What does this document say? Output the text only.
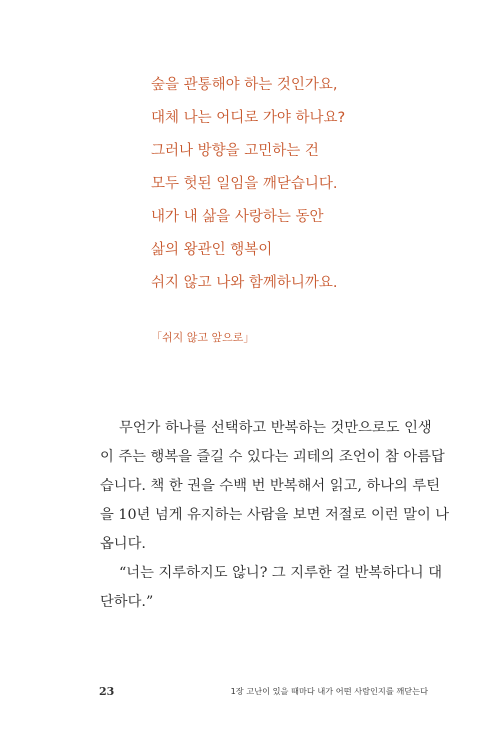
숲을 관통해야 하는 것인가요,
대체 나는 어디로 가야 하나요?
그러나 방향을 고민하는 건
모두 헛된 일임을 깨닫습니다.
내가 내 삶을 사랑하는 동안
삶의 왕관인 행복이
쉬지 않고 나와 함께하니까요.
「쉬지 않고 앞으로」
무언가 하나를 선택하고 반복하는 것만으로도 인생
이 주는 행복을 즐길 수 있다는 괴테의 조언이 참 아름답
습니다. 책 한 권을 수백 번 반복해서 읽고, 하나의 루틴
을 10년 넘게 유지하는 사람을 보면 저절로 이런 말이 나
옵니다.
“너는 지루하지도 않니? 그 지루한 걸 반복하다니 대
단하다.”
23	1장 고난이 있을 때마다 내가 어떤 사람인지를 깨닫는다
